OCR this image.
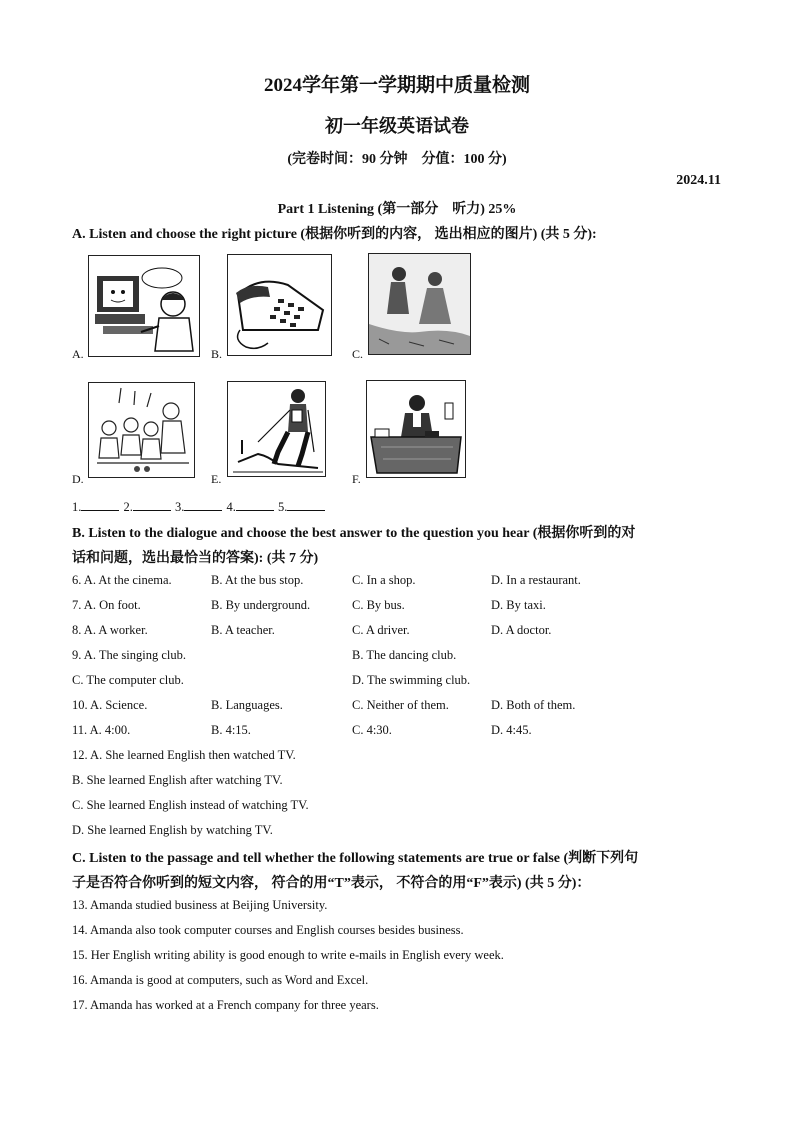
2024学年第一学期期中质量检测
初一年级英语试卷
(完卷时间：90 分钟　分值：100 分)
2024.11
Part 1 Listening (第一部分　听力) 25%
A. Listen and choose the right picture (根据你听到的内容， 选出相应的图片) (共 5 分):
A.	B.	C.
D.	E.	F.
1.	2.	3.	4.	5.
B. Listen to the dialogue and choose the best answer to the question you hear (根据你听到的对
话和问题，选出最恰当的答案): (共 7 分)
6. A. At the cinema.	B. At the bus stop.	C. In a shop.	D. In a restaurant.
7. A. On foot.	B. By underground.	C. By bus.	D. By taxi.
8. A. A worker.	B. A teacher.	C. A driver.	D. A doctor.
9. A. The singing club.	B. The dancing club.
C. The computer club.	D. The swimming club.
10. A. Science.	B. Languages.	C. Neither of them.	D. Both of them.
11. A. 4:00.	B. 4:15.	C. 4:30.	D. 4:45.
12. A. She learned English then watched TV.
B. She learned English after watching TV.
C. She learned English instead of watching TV.
D. She learned English by watching TV.
C. Listen to the passage and tell whether the following statements are true or false (判断下列句
子是否符合你听到的短文内容， 符合的用“T”表示， 不符合的用“F”表示) (共 5 分)：
13. Amanda studied business at Beijing University.
14. Amanda also took computer courses and English courses besides business.
15. Her English writing ability is good enough to write e-mails in English every week.
16. Amanda is good at computers, such as Word and Excel.
17. Amanda has worked at a French company for three years.
